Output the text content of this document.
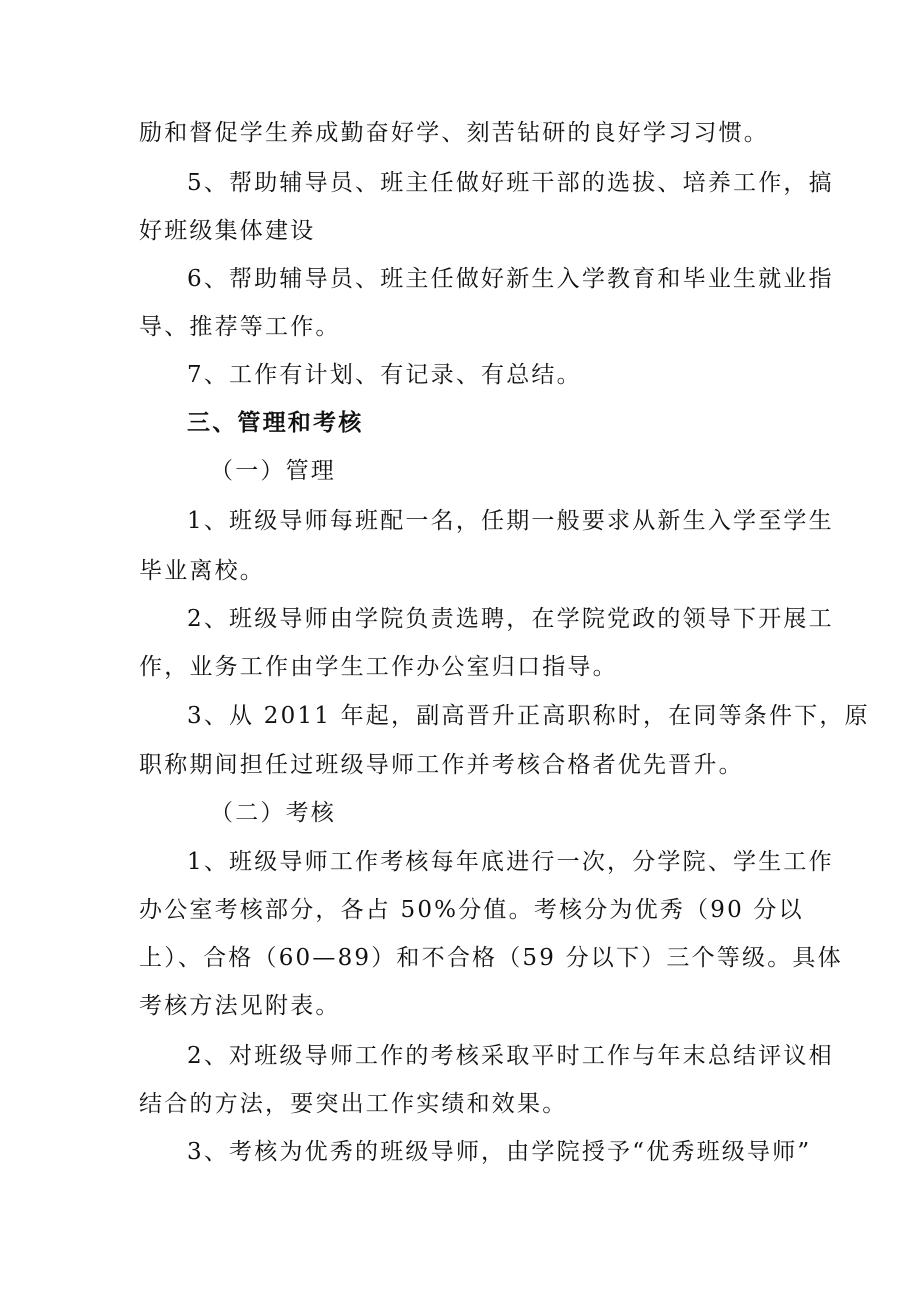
励和督促学生养成勤奋好学、刻苦钻研的良好学习习惯。
5、帮助辅导员、班主任做好班干部的选拔、培养工作，搞
好班级集体建设
6、帮助辅导员、班主任做好新生入学教育和毕业生就业指
导、推荐等工作。
7、工作有计划、有记录、有总结。
三、管理和考核
（一）管理
1、班级导师每班配一名，任期一般要求从新生入学至学生
毕业离校。
2、班级导师由学院负责选聘，在学院党政的领导下开展工
作，业务工作由学生工作办公室归口指导。
3、从 2011 年起，副高晋升正高职称时，在同等条件下，原
职称期间担任过班级导师工作并考核合格者优先晋升。
（二）考核
1、班级导师工作考核每年底进行一次，分学院、学生工作
办公室考核部分，各占 50%分值。考核分为优秀（90 分以
上）、合格（60—89）和不合格（59 分以下）三个等级。具体
考核方法见附表。
2、对班级导师工作的考核采取平时工作与年末总结评议相
结合的方法，要突出工作实绩和效果。
3、考核为优秀的班级导师，由学院授予“优秀班级导师”
